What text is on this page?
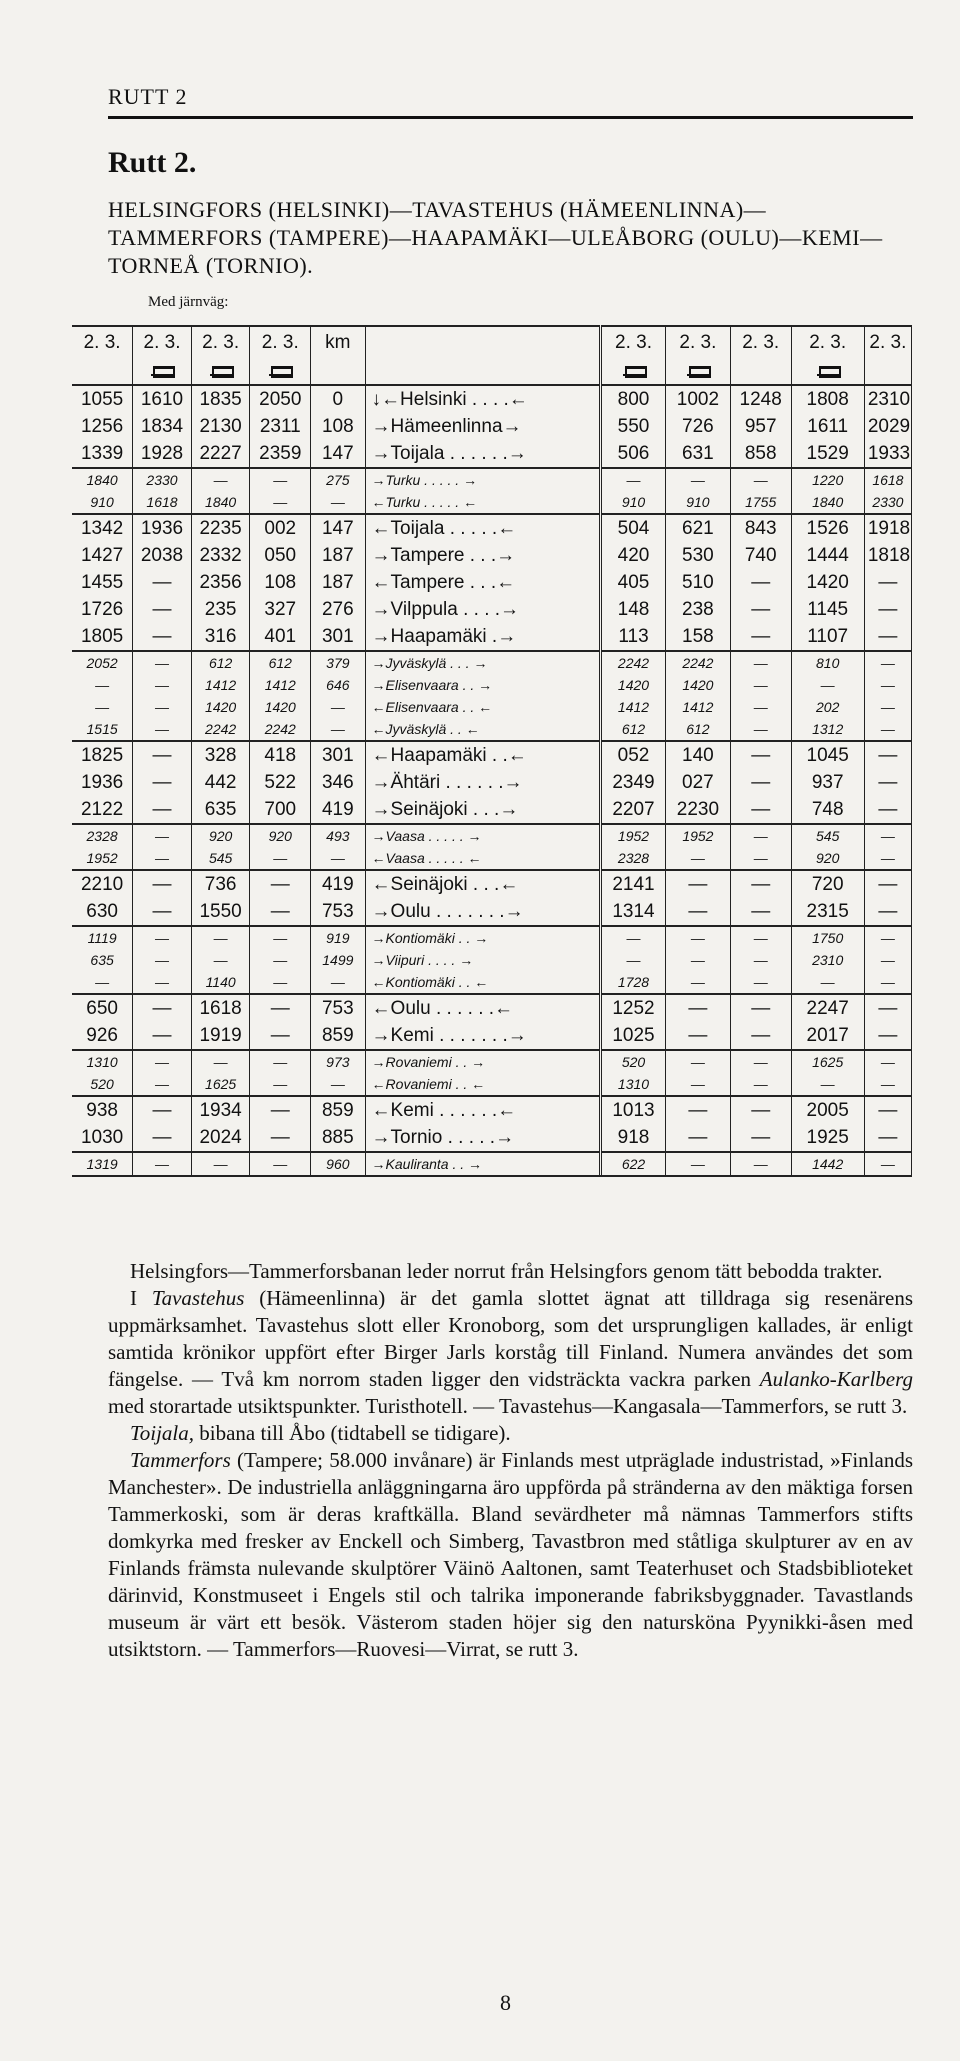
RUTT 2
Rutt 2.
HELSINGFORS (HELSINKI)—TAVASTEHUS (HÄMEENLINNA)—TAMMERFORS (TAMPERE)—HAAPAMÄKI—ULEÅBORG (OULU)—KEMI—TORNEÅ (TORNIO).
Med järnväg:
2. 3.	2. 3.	2. 3.	2. 3.	km		2. 3.	2. 3.	2. 3.	2. 3.	2. 3.

1055	1610	1835	2050	0	↓←Helsinki . . . .←	800	1002	1248	1808	2310
1256	1834	2130	2311	108	→Hämeenlinna→	550	726	957	1611	2029
1339	1928	2227	2359	147	→Toijala . . . . . .→	506	631	858	1529	1933
1840	2330	—	—	275	→Turku . . . . . →	—	—	—	1220	1618
910	1618	1840	—	—	←Turku . . . . . ←	910	910	1755	1840	2330
1342	1936	2235	002	147	←Toijala . . . . .←	504	621	843	1526	1918
1427	2038	2332	050	187	→Tampere . . .→	420	530	740	1444	1818
1455	—	2356	108	187	←Tampere . . .←	405	510	—	1420	—
1726	—	235	327	276	→Vilppula . . . .→	148	238	—	1145	—
1805	—	316	401	301	→Haapamäki .→	113	158	—	1107	—
2052	—	612	612	379	→Jyväskylä . . . →	2242	2242	—	810	—
—	—	1412	1412	646	→Elisenvaara . . →	1420	1420	—	—	—
—	—	1420	1420	—	←Elisenvaara . . ←	1412	1412	—	202	—
1515	—	2242	2242	—	←Jyväskylä . . ←	612	612	—	1312	—
1825	—	328	418	301	←Haapamäki . .←	052	140	—	1045	—
1936	—	442	522	346	→Ähtäri . . . . . .→	2349	027	—	937	—
2122	—	635	700	419	→Seinäjoki . . .→	2207	2230	—	748	—
2328	—	920	920	493	→Vaasa . . . . . →	1952	1952	—	545	—
1952	—	545	—	—	←Vaasa . . . . . ←	2328	—	—	920	—
2210	—	736	—	419	←Seinäjoki . . .←	2141	—	—	720	—
630	—	1550	—	753	→Oulu . . . . . . .→	1314	—	—	2315	—
1119	—	—	—	919	→Kontiomäki . . →	—	—	—	1750	—
635	—	—	—	1499	→Viipuri . . . . →	—	—	—	2310	—
—	—	1140	—	—	←Kontiomäki . . ←	1728	—	—	—	—
650	—	1618	—	753	←Oulu . . . . . .←	1252	—	—	2247	—
926	—	1919	—	859	→Kemi . . . . . . .→	1025	—	—	2017	—
1310	—	—	—	973	→Rovaniemi . . →	520	—	—	1625	—
520	—	1625	—	—	←Rovaniemi . . ←	1310	—	—	—	—
938	—	1934	—	859	←Kemi . . . . . .←	1013	—	—	2005	—
1030	—	2024	—	885	→Tornio . . . . .→	918	—	—	1925	—
1319	—	—	—	960	→Kauliranta . . →	622	—	—	1442	—

Helsingfors—Tammerforsbanan leder norrut från Helsingfors genom tätt bebodda trakter.

I Tavastehus (Hämeenlinna) är det gamla slottet ägnat att tilldraga sig resenärens uppmärksamhet. Tavastehus slott eller Kronoborg, som det ursprungligen kallades, är enligt samtida krönikor uppfört efter Birger Jarls korståg till Finland. Numera användes det som fängelse. — Två km norrom staden ligger den vidsträckta vackra parken Aulanko-Karlberg med storartade utsiktspunkter. Turisthotell. — Tavastehus—Kangasala—Tammerfors, se rutt 3.

Toijala, bibana till Åbo (tidtabell se tidigare).

Tammerfors (Tampere; 58.000 invånare) är Finlands mest utpräglade industristad, »Finlands Manchester». De industriella anläggningarna äro uppförda på stränderna av den mäktiga forsen Tammerkoski, som är deras kraftkälla. Bland sevärdheter må nämnas Tammerfors stifts domkyrka med fresker av Enckell och Simberg, Tavastbron med ståtliga skulpturer av en av Finlands främsta nulevande skulptörer Väinö Aaltonen, samt Teaterhuset och Stadsbiblioteket därinvid, Konstmuseet i Engels stil och talrika imponerande fabriksbyggnader. Tavastlands museum är värt ett besök. Västerom staden höjer sig den natursköna Pyynikki-åsen med utsiktstorn. — Tammerfors—Ruovesi—Virrat, se rutt 3.

8
